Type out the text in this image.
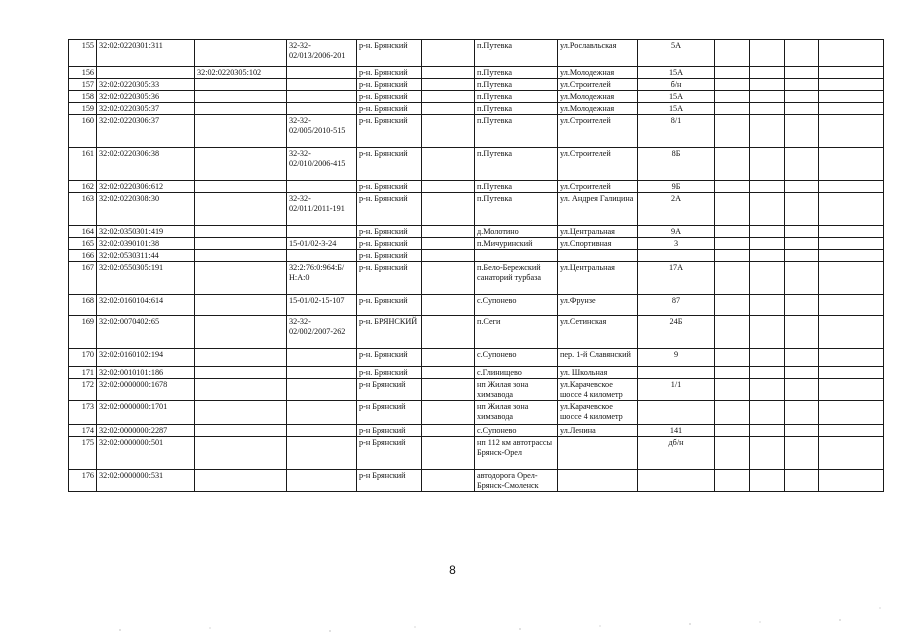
155	32:02:0220301:311		32-32-02/013/2006-201	р-н. Брянский		п.Путевка	ул.Рославльская	5А				
156		32:02:0220305:102		р-н. Брянский		п.Путевка	ул.Молодежная	15А				
157	32:02:0220305:33			р-н. Брянский		п.Путевка	ул.Строителей	б/н				
158	32:02:0220305:36			р-н. Брянский		п.Путевка	ул.Молодежная	15А				
159	32:02:0220305:37			р-н. Брянский		п.Путевка	ул.Молодежная	15А				
160	32:02:0220306:37		32-32-02/005/2010-515	р-н. Брянский		п.Путевка	ул.Строителей	8/1				
161	32:02:0220306:38		32-32-02/010/2006-415	р-н. Брянский		п.Путевка	ул.Строителей	8Б				
162	32:02:0220306:612			р-н. Брянский		п.Путевка	ул.Строителей	9Б				
163	32:02:0220308:30		32-32-02/011/2011-191	р-н. Брянский		п.Путевка	ул. Андрея Галицина	2А				
164	32:02:0350301:419			р-н. Брянский		д.Молотино	ул.Центральная	9А				
165	32:02:0390101:38		15-01/02-3-24	р-н. Брянский		п.Мичуринский	ул.Спортивная	3				
166	32:02:0530311:44			р-н. Брянский								
167	32:02:0550305:191		32:2:76:0:964:Б/Н:А:0	р-н. Брянский		п.Бело-Бережский санаторий турбаза	ул.Центральная	17А				
168	32:02:0160104:614		15-01/02-15-107	р-н. Брянский		с.Супонево	ул.Фрунзе	87				
169	32:02:0070402:65		32-32-02/002/2007-262	р-н. БРЯНСКИЙ		п.Сеги	ул.Сетинская	24Б				
170	32:02:0160102:194			р-н. Брянский		с.Супонево	пер. 1-й Славянский	9				
171	32:02:0010101:186			р-н. Брянский		с.Глинищево	ул. Школьная					
172	32:02:0000000:1678			р-н Брянский		нп Жилая зона химзавода	ул.Карачевское шоссе 4 километр	1/1				
173	32:02:0000000:1701			р-н Брянский		нп Жилая зона химзавода	ул.Карачевское шоссе 4 километр					
174	32:02:0000000:2287			р-н Брянский		с.Супонево	ул.Ленина	141				
175	32:02:0000000:501			р-н Брянский		нп 112 км автотрассы Брянск-Орел		дб/н				
176	32:02:0000000:531			р-н Брянский		автодорога Орел-Брянск-Смоленск						
8
